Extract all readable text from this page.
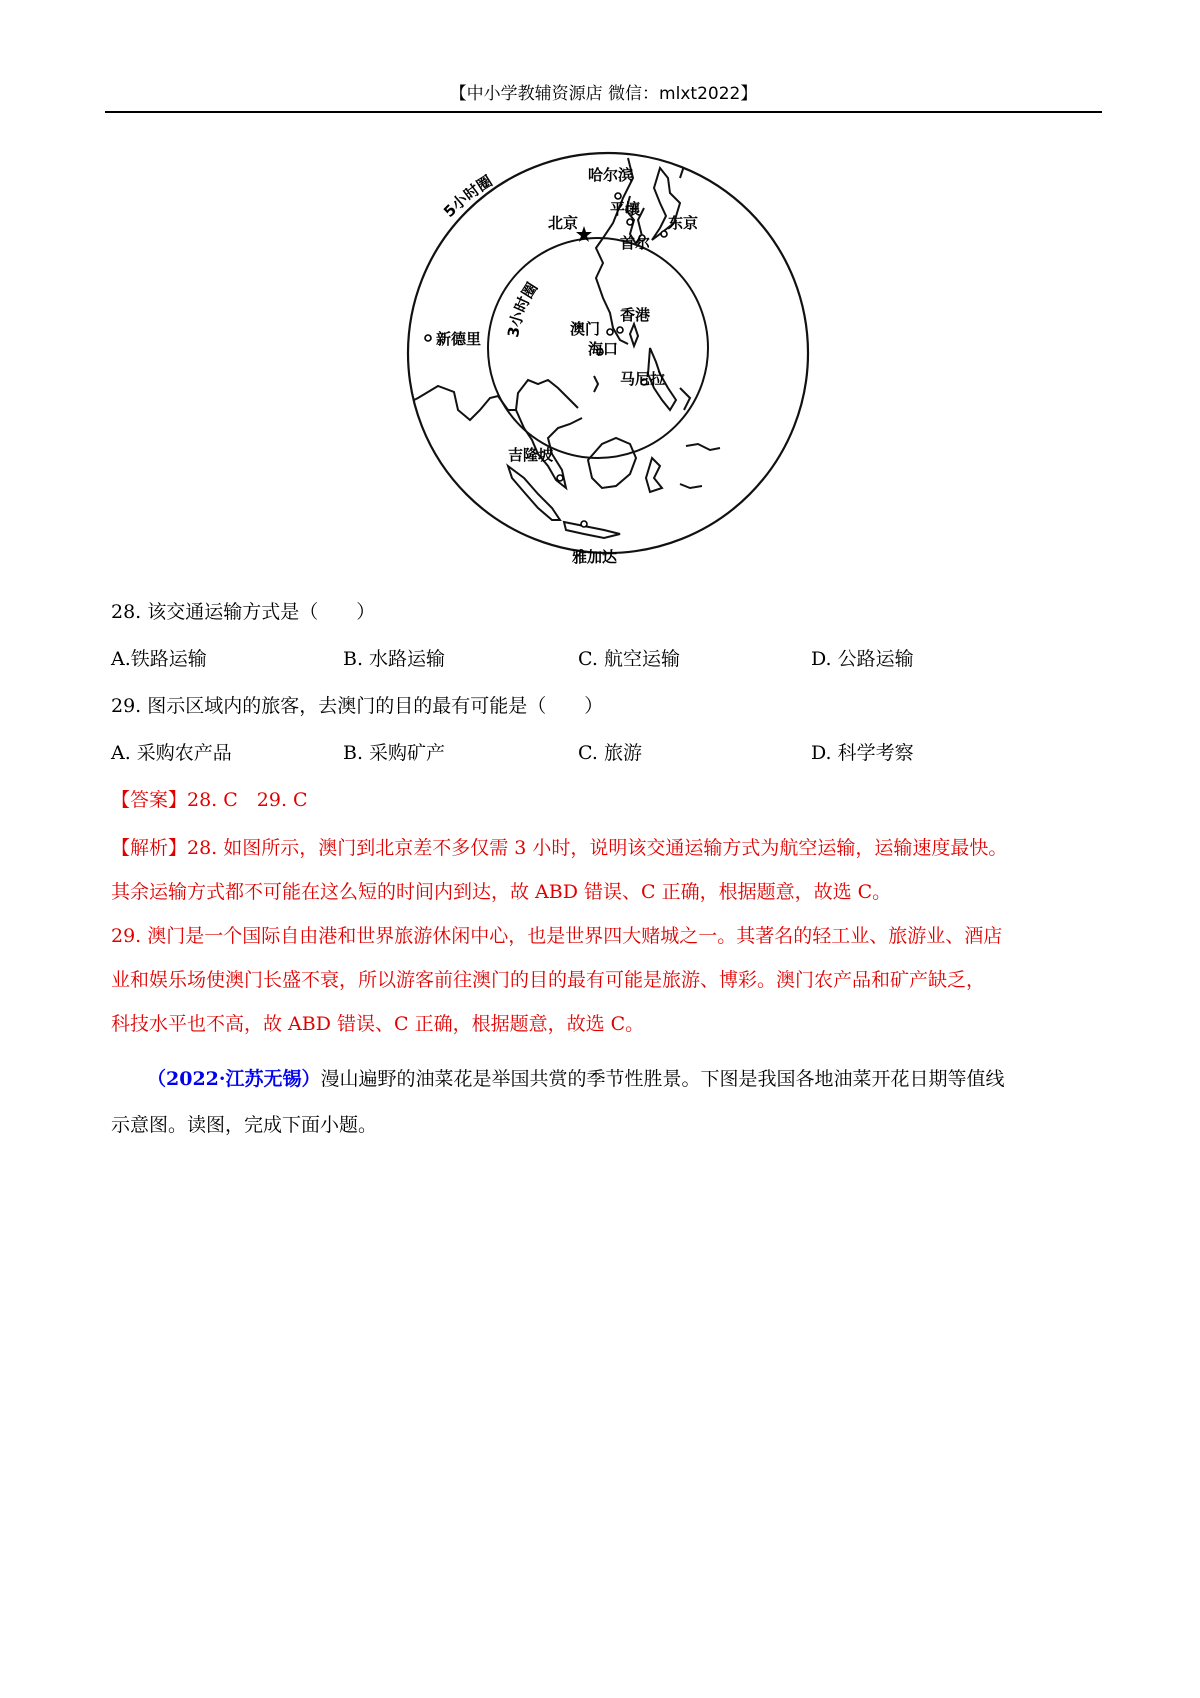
【中小学教辅资源店 微信：mlxt2022】
5小时圈
3小时圈
哈尔滨
平壤
北京
首尔
东京
新德里
香港
澳门
海口
马尼拉
吉隆坡
雅加达
28. 该交通运输方式是（　　）
A.铁路运输	B. 水路运输	C. 航空运输	D. 公路运输
29. 图示区域内的旅客，去澳门的目的最有可能是（　　）
A. 采购农产品	B. 采购矿产	C. 旅游	D. 科学考察
【答案】28. C　29. C
【解析】28. 如图所示，澳门到北京差不多仅需 3 小时，说明该交通运输方式为航空运输，运输速度最快。
其余运输方式都不可能在这么短的时间内到达，故 ABD 错误、C 正确，根据题意，故选 C。
29. 澳门是一个国际自由港和世界旅游休闲中心，也是世界四大赌城之一。其著名的轻工业、旅游业、酒店
业和娱乐场使澳门长盛不衰，所以游客前往澳门的目的最有可能是旅游、博彩。澳门农产品和矿产缺乏，
科技水平也不高，故 ABD 错误、C 正确，根据题意，故选 C。
（2022·江苏无锡）漫山遍野的油菜花是举国共赏的季节性胜景。下图是我国各地油菜开花日期等值线
示意图。读图，完成下面小题。
